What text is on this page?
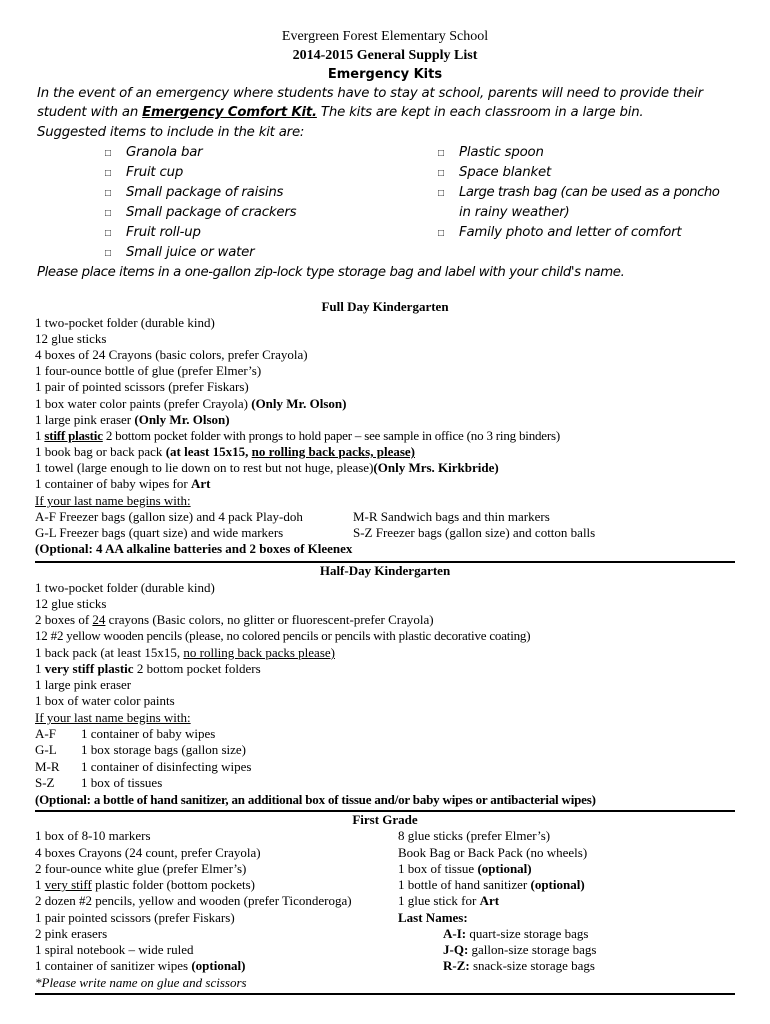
Evergreen Forest Elementary School
2014-2015 General Supply List
Emergency Kits
In the event of an emergency where students have to stay at school, parents will need to provide their
student with an Emergency Comfort Kit. The kits are kept in each classroom in a large bin.
Suggested items to include in the kit are:
□
Granola bar
□
Fruit cup
□
Small package of raisins
□
Small package of crackers
□
Fruit roll-up
□
Small juice or water
□
Plastic spoon
□
Space blanket
□
Large trash bag (can be used as a poncho
in rainy weather)
□
Family photo and letter of comfort
Please place items in a one-gallon zip-lock type storage bag and label with your child's name.
Full Day Kindergarten
1 two-pocket folder (durable kind)
12 glue sticks
4 boxes of 24 Crayons (basic colors, prefer Crayola)
1 four-ounce bottle of glue (prefer Elmer’s)
1 pair of pointed scissors (prefer Fiskars)
1 box water color paints (prefer Crayola) (Only Mr. Olson)
1 large pink eraser (Only Mr. Olson)
1 stiff plastic 2 bottom pocket folder with prongs to hold paper – see sample in office (no 3 ring binders)
1 book bag or back pack (at least 15x15, no rolling back packs, please)
1 towel (large enough to lie down on to rest but not huge, please)(Only Mrs. Kirkbride)
1 container of baby wipes for Art
If your last name begins with:
A-F Freezer bags (gallon size) and 4 pack Play-doh	M-R Sandwich bags and thin markers
G-L Freezer bags (quart size) and wide markers	S-Z Freezer bags (gallon size) and cotton balls
(Optional: 4 AA alkaline batteries and 2 boxes of Kleenex
Half-Day Kindergarten
1 two-pocket folder (durable kind)
12 glue sticks
2 boxes of 24 crayons (Basic colors, no glitter or fluorescent-prefer Crayola)
12 #2 yellow wooden pencils (please, no colored pencils or pencils with plastic decorative coating)
1 back pack (at least 15x15, no rolling back packs please)
1 very stiff plastic 2 bottom pocket folders
1 large pink eraser
1 box of water color paints
If your last name begins with:
A-F 1 container of baby wipes
G-L 1 box storage bags (gallon size)
M-R 1 container of disinfecting wipes
S-Z 1 box of tissues
(Optional: a bottle of hand sanitizer, an additional box of tissue and/or baby wipes or antibacterial wipes)
First Grade
1 box of 8-10 markers
4 boxes Crayons (24 count, prefer Crayola)
2 four-ounce white glue (prefer Elmer’s)
1 very stiff plastic folder (bottom pockets)
2 dozen #2 pencils, yellow and wooden (prefer Ticonderoga)
1 pair pointed scissors (prefer Fiskars)
2 pink erasers
1 spiral notebook – wide ruled
1 container of sanitizer wipes (optional)
*Please write name on glue and scissors
8 glue sticks (prefer Elmer’s)
Book Bag or Back Pack (no wheels)
1 box of tissue (optional)
1 bottle of hand sanitizer (optional)
1 glue stick for Art
Last Names:
A-I: quart-size storage bags
J-Q: gallon-size storage bags
R-Z: snack-size storage bags
